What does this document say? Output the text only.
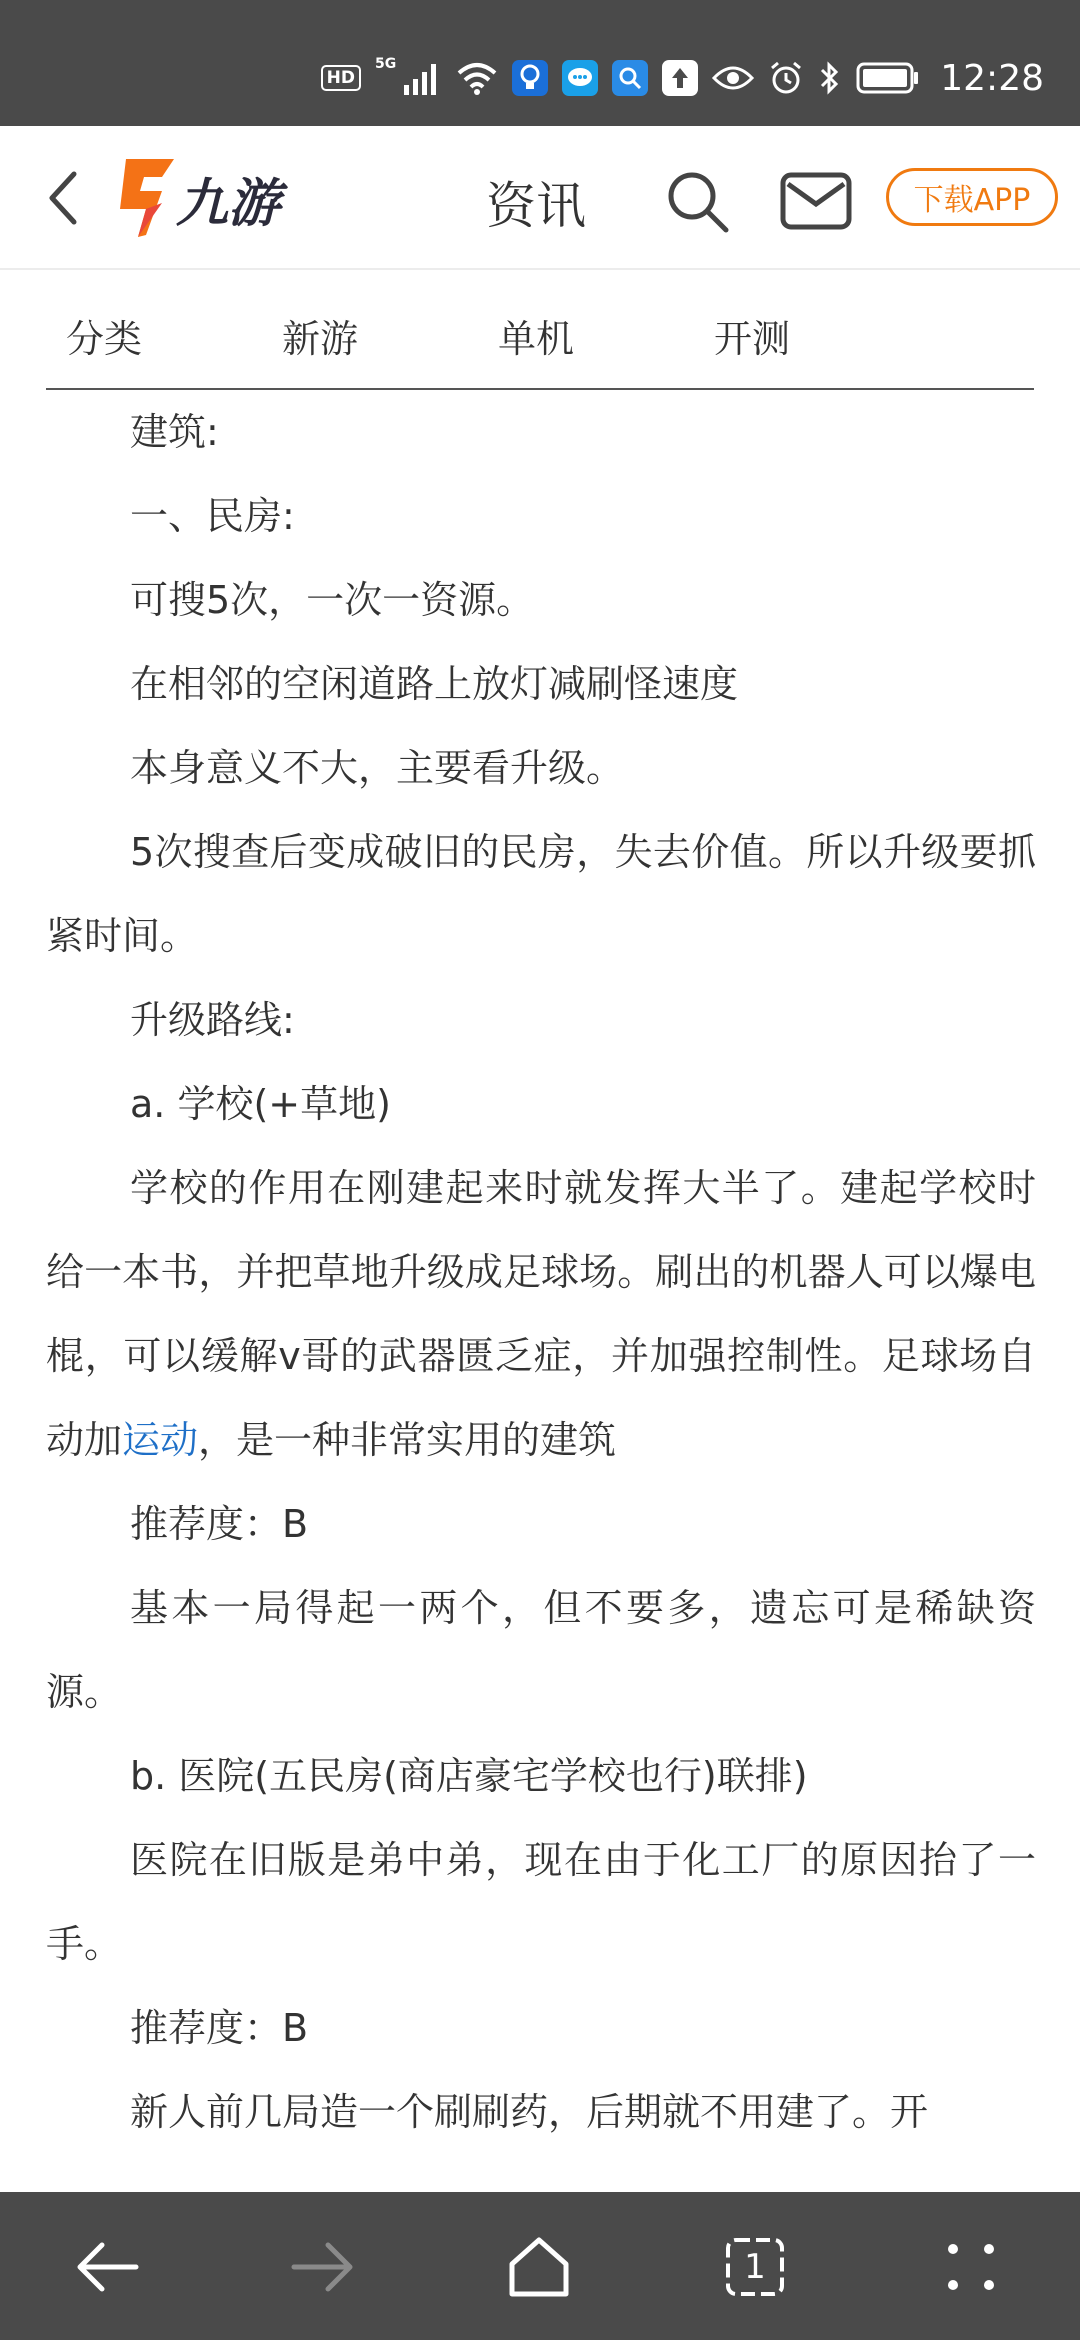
HD
5G	12:28
九游	资讯	下载APP
分类	新游	单机	开测

建筑:

一、民房:

可搜5次，一次一资源。

在相邻的空闲道路上放灯减刷怪速度

本身意义不大，主要看升级。

5次搜查后变成破旧的民房，失去价值。所以升级要抓紧时间。

升级路线:

a. 学校(+草地)

学校的作用在刚建起来时就发挥大半了。建起学校时给一本书，并把草地升级成足球场。刷出的机器人可以爆电棍，可以缓解v哥的武器匮乏症，并加强控制性。足球场自动加运动，是一种非常实用的建筑

推荐度：B

基本一局得起一两个，但不要多，遗忘可是稀缺资源。

b. 医院(五民房(商店豪宅学校也行)联排)

医院在旧版是弟中弟，现在由于化工厂的原因抬了一手。

推荐度：B

新人前几局造一个刷刷药，后期就不用建了。开

1
